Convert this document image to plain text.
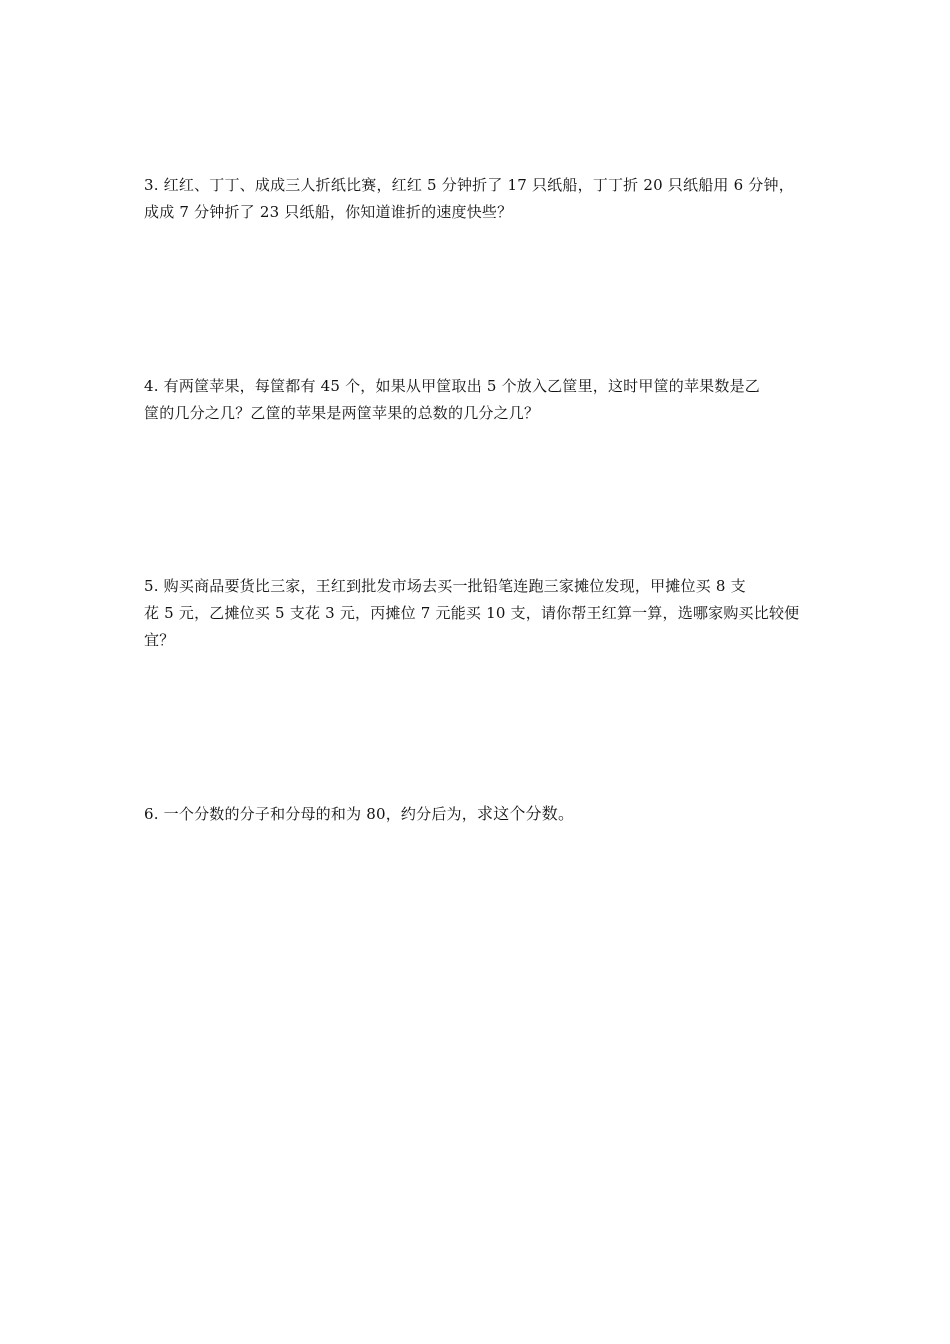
3. 红红、丁丁、成成三人折纸比赛，红红 5 分钟折了 17 只纸船，丁丁折 20 只纸船用 6 分钟，
成成 7 分钟折了 23 只纸船，你知道谁折的速度快些？
4. 有两筐苹果，每筐都有 45 个，如果从甲筐取出 5 个放入乙筐里，这时甲筐的苹果数是乙
筐的几分之几？乙筐的苹果是两筐苹果的总数的几分之几？
5. 购买商品要货比三家，王红到批发市场去买一批铅笔连跑三家摊位发现，甲摊位买 8 支
花 5 元，乙摊位买 5 支花 3 元，丙摊位 7 元能买 10 支，请你帮王红算一算，选哪家购买比较便
宜？
6. 一个分数的分子和分母的和为 80，约分后为，求这个分数。
